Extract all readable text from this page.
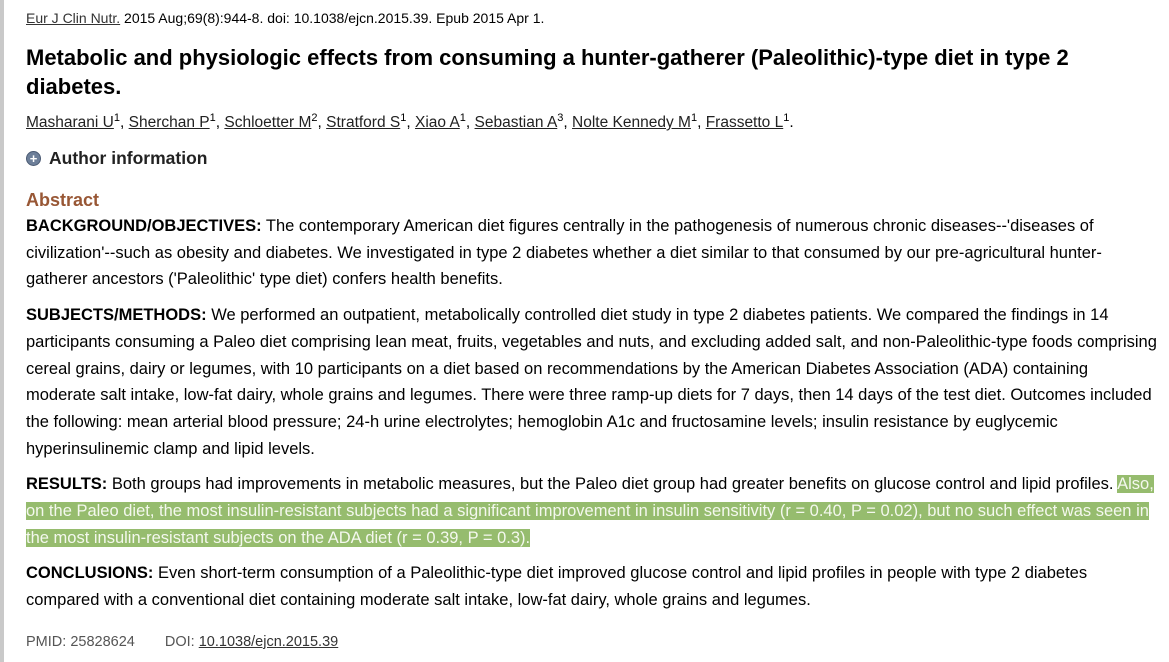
Eur J Clin Nutr. 2015 Aug;69(8):944-8. doi: 10.1038/ejcn.2015.39. Epub 2015 Apr 1.
Metabolic and physiologic effects from consuming a hunter-gatherer (Paleolithic)-type diet in type 2 diabetes.
Masharani $U^1$, Sherchan $P^1$, Schloetter $M^2$, Stratford $S^1$, Xiao $A^1$, Sebastian $A^3$, Nolte Kennedy $M^1$, Frassetto $L^1$.
+ Author information
Abstract

BACKGROUND/OBJECTIVES: The contemporary American diet figures centrally in the pathogenesis of numerous chronic diseases--'diseases of civilization'--such as obesity and diabetes. We investigated in type 2 diabetes whether a diet similar to that consumed by our pre-agricultural hunter-gatherer ancestors ('Paleolithic' type diet) confers health benefits.

SUBJECTS/METHODS: We performed an outpatient, metabolically controlled diet study in type 2 diabetes patients. We compared the findings in 14 participants consuming a Paleo diet comprising lean meat, fruits, vegetables and nuts, and excluding added salt, and non-Paleolithic-type foods comprising cereal grains, dairy or legumes, with 10 participants on a diet based on recommendations by the American Diabetes Association (ADA) containing moderate salt intake, low-fat dairy, whole grains and legumes. There were three ramp-up diets for 7 days, then 14 days of the test diet. Outcomes included the following: mean arterial blood pressure; 24-h urine electrolytes; hemoglobin A1c and fructosamine levels; insulin resistance by euglycemic hyperinsulinemic clamp and lipid levels.

RESULTS: Both groups had improvements in metabolic measures, but the Paleo diet group had greater benefits on glucose control and lipid profiles. Also, on the Paleo diet, the most insulin-resistant subjects had a significant improvement in insulin sensitivity (r = 0.40, P = 0.02), but no such effect was seen in the most insulin-resistant subjects on the ADA diet (r = 0.39, P = 0.3).

CONCLUSIONS: Even short-term consumption of a Paleolithic-type diet improved glucose control and lipid profiles in people with type 2 diabetes compared with a conventional diet containing moderate salt intake, low-fat dairy, whole grains and legumes.

PMID: 25828624 DOI: 10.1038/ejcn.2015.39
